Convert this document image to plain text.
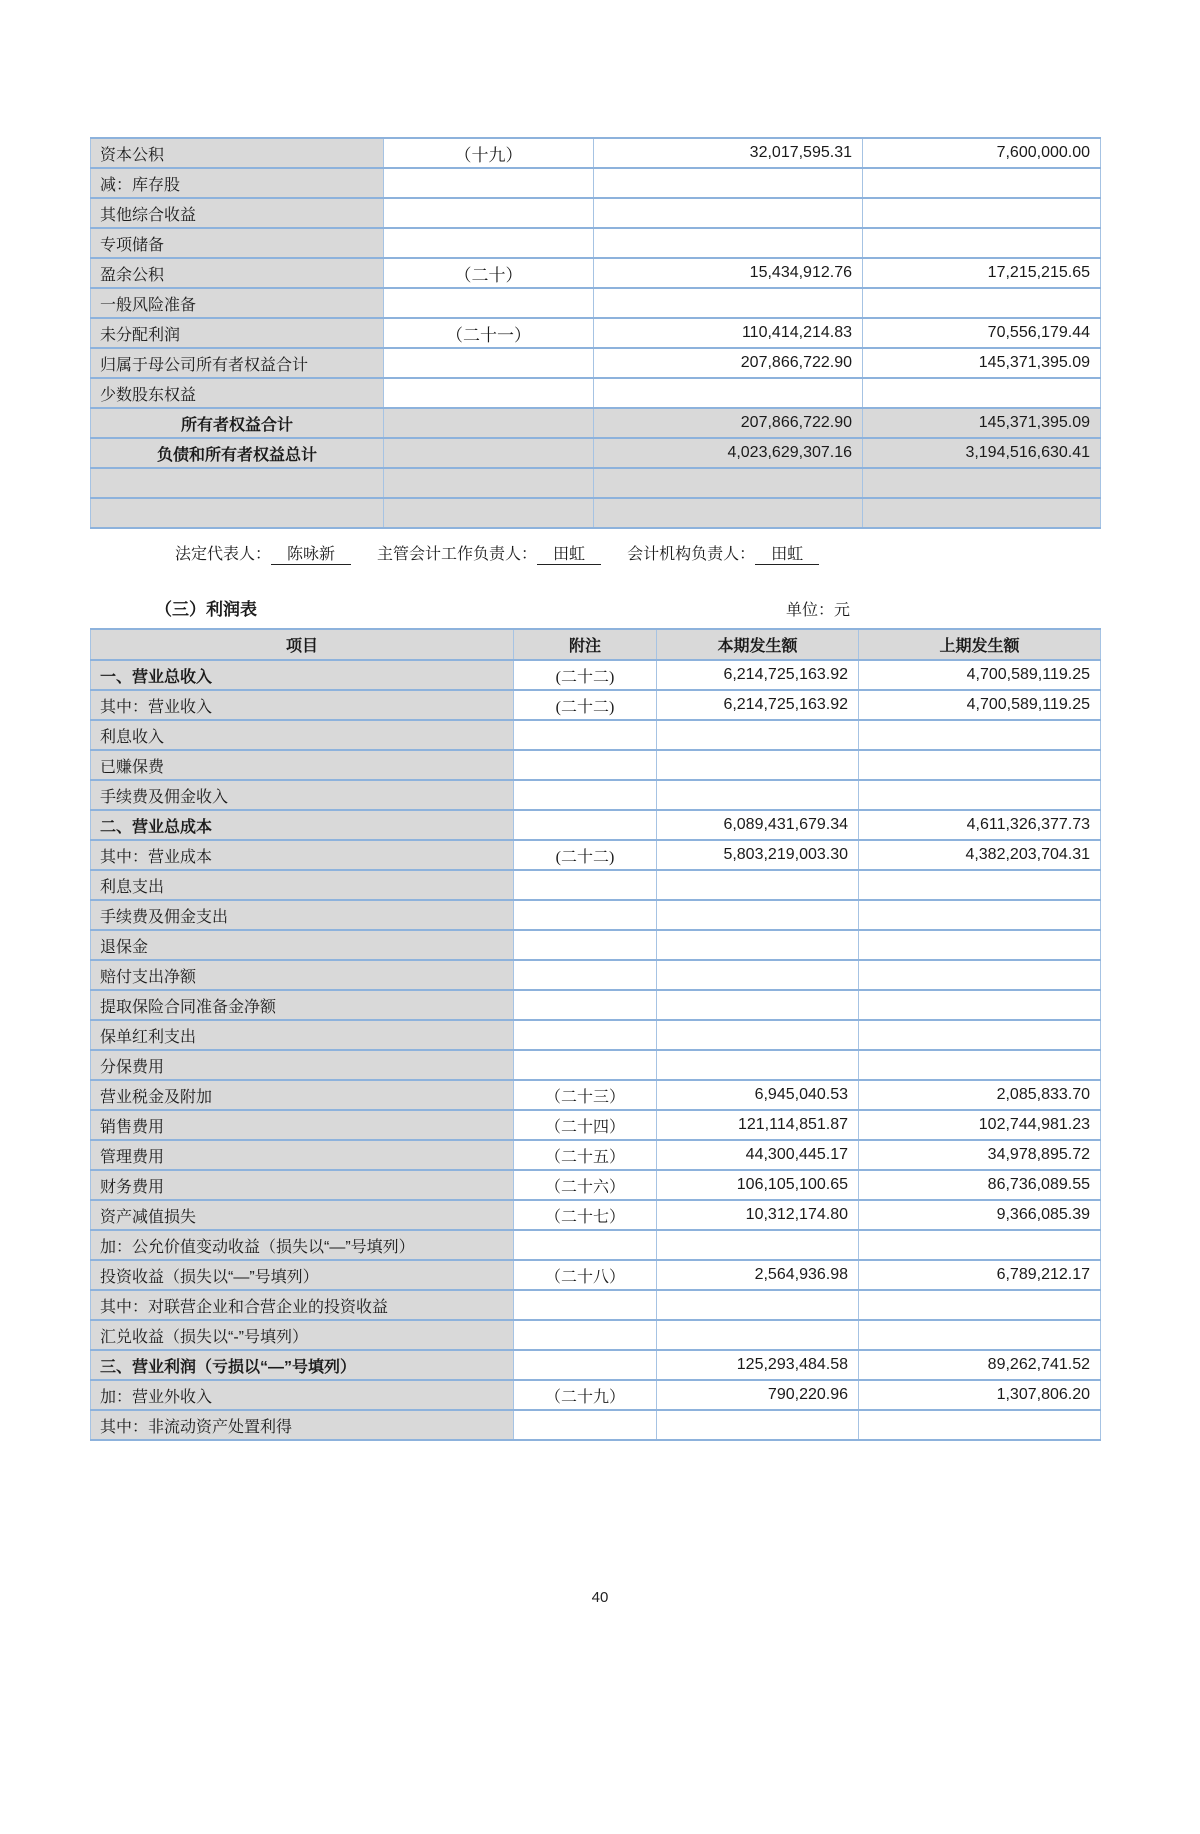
资本公积	（十九）	32,017,595.31	7,600,000.00
减：库存股			
其他综合收益			
专项储备			
盈余公积	（二十）	15,434,912.76	17,215,215.65
一般风险准备			
未分配利润	（二十一）	110,414,214.83	70,556,179.44
归属于母公司所有者权益合计		207,866,722.90	145,371,395.09
少数股东权益			
所有者权益合计		207,866,722.90	145,371,395.09
负债和所有者权益总计		4,023,629,307.16	3,194,516,630.41

法定代表人： 陈咏新	主管会计工作负责人： 田虹	会计机构负责人： 田虹
（三）利润表	单位：元
项目	附注	本期发生额	上期发生额
一、营业总收入	(二十二)	6,214,725,163.92	4,700,589,119.25
其中：营业收入	(二十二)	6,214,725,163.92	4,700,589,119.25
利息收入			
已赚保费			
手续费及佣金收入			
二、营业总成本		6,089,431,679.34	4,611,326,377.73
其中：营业成本	(二十二)	5,803,219,003.30	4,382,203,704.31
利息支出			
手续费及佣金支出			
退保金			
赔付支出净额			
提取保险合同准备金净额			
保单红利支出			
分保费用			
营业税金及附加	（二十三）	6,945,040.53	2,085,833.70
销售费用	（二十四）	121,114,851.87	102,744,981.23
管理费用	（二十五）	44,300,445.17	34,978,895.72
财务费用	（二十六）	106,105,100.65	86,736,089.55
资产减值损失	（二十七）	10,312,174.80	9,366,085.39
加：公允价值变动收益（损失以“—”号填列）			
投资收益（损失以“—”号填列）	（二十八）	2,564,936.98	6,789,212.17
其中：对联营企业和合营企业的投资收益			
汇兑收益（损失以“-”号填列）			
三、营业利润（亏损以“—”号填列）		125,293,484.58	89,262,741.52
加：营业外收入	（二十九）	790,220.96	1,307,806.20
其中：非流动资产处置利得			
40
